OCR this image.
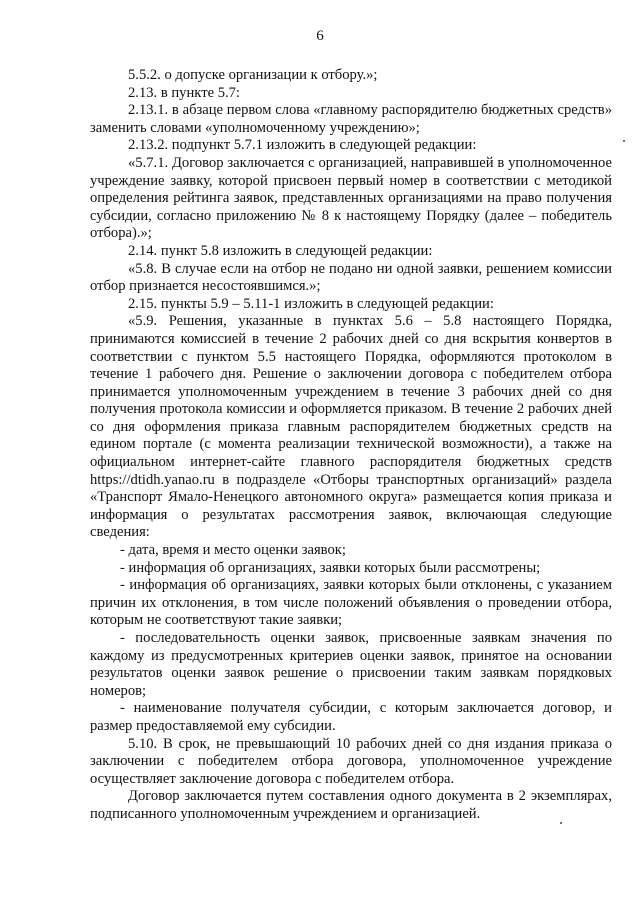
6

5.5.2. о допуске организации к отбору.»;

2.13. в пункте 5.7:

2.13.1. в абзаце первом слова «главному распорядителю бюджетных средств» заменить словами «уполномоченному учреждению»;

2.13.2. подпункт 5.7.1 изложить в следующей редакции:

«5.7.1. Договор заключается с организацией, направившей в уполномоченное учреждение заявку, которой присвоен первый номер в соответствии с методикой определения рейтинга заявок, представленных организациями на право получения субсидии, согласно приложению № 8 к настоящему Порядку (далее – победитель отбора).»;

2.14. пункт 5.8 изложить в следующей редакции:

«5.8. В случае если на отбор не подано ни одной заявки, решением комиссии отбор признается несостоявшимся.»;

2.15. пункты 5.9 – 5.11-1 изложить в следующей редакции:

«5.9. Решения, указанные в пунктах 5.6 – 5.8 настоящего Порядка, принимаются комиссией в течение 2 рабочих дней со дня вскрытия конвертов в соответствии с пунктом 5.5 настоящего Порядка, оформляются протоколом в течение 1 рабочего дня. Решение о заключении договора с победителем отбора принимается уполномоченным учреждением в течение 3 рабочих дней со дня получения протокола комиссии и оформляется приказом. В течение 2 рабочих дней со дня оформления приказа главным распорядителем бюджетных средств на едином портале (с момента реализации технической возможности), а также на официальном интернет-сайте главного распорядителя бюджетных средств https://dtidh.yanao.ru в подразделе «Отборы транспортных организаций» раздела «Транспорт Ямало-Ненецкого автономного округа» размещается копия приказа и информация о результатах рассмотрения заявок, включающая следующие сведения:

- дата, время и место оценки заявок;

- информация об организациях, заявки которых были рассмотрены;

- информация об организациях, заявки которых были отклонены, с указанием причин их отклонения, в том числе положений объявления о проведении отбора, которым не соответствуют такие заявки;

- последовательность оценки заявок, присвоенные заявкам значения по каждому из предусмотренных критериев оценки заявок, принятое на основании результатов оценки заявок решение о присвоении таким заявкам порядковых номеров;

- наименование получателя субсидии, с которым заключается договор, и размер предоставляемой ему субсидии.

5.10. В срок, не превышающий 10 рабочих дней со дня издания приказа о заключении с победителем отбора договора, уполномоченное учреждение осуществляет заключение договора с победителем отбора.

Договор заключается путем составления одного документа в 2 экземплярах, подписанного уполномоченным учреждением и организацией.
